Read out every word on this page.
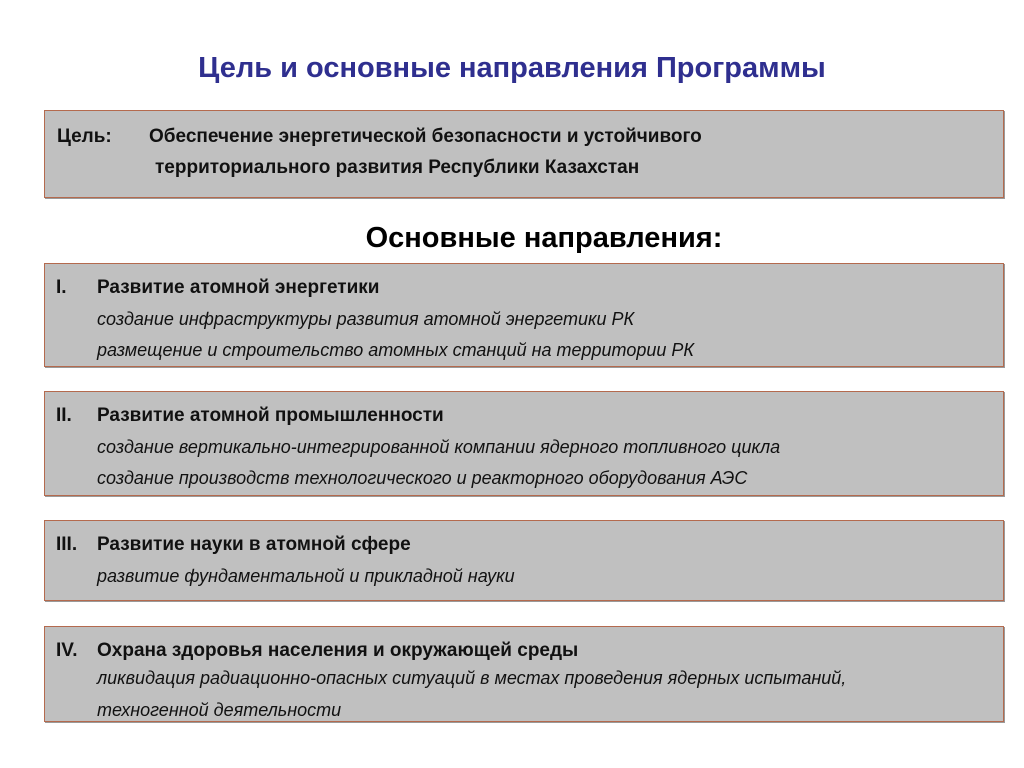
Цель и основные направления Программы
Цель: Обеспечение энергетической безопасности и устойчивого
территориального развития Республики Казахстан
Основные направления:
I. Развитие атомной энергетики
создание инфраструктуры развития атомной энергетики РК
размещение и строительство атомных станций на территории РК
II. Развитие атомной промышленности
создание вертикально-интегрированной компании ядерного топливного цикла
создание производств технологического и реакторного оборудования АЭС
III. Развитие науки в атомной сфере
развитие фундаментальной и прикладной науки
IV. Охрана здоровья населения и окружающей среды
ликвидация радиационно-опасных ситуаций в местах проведения ядерных испытаний,
техногенной деятельности
